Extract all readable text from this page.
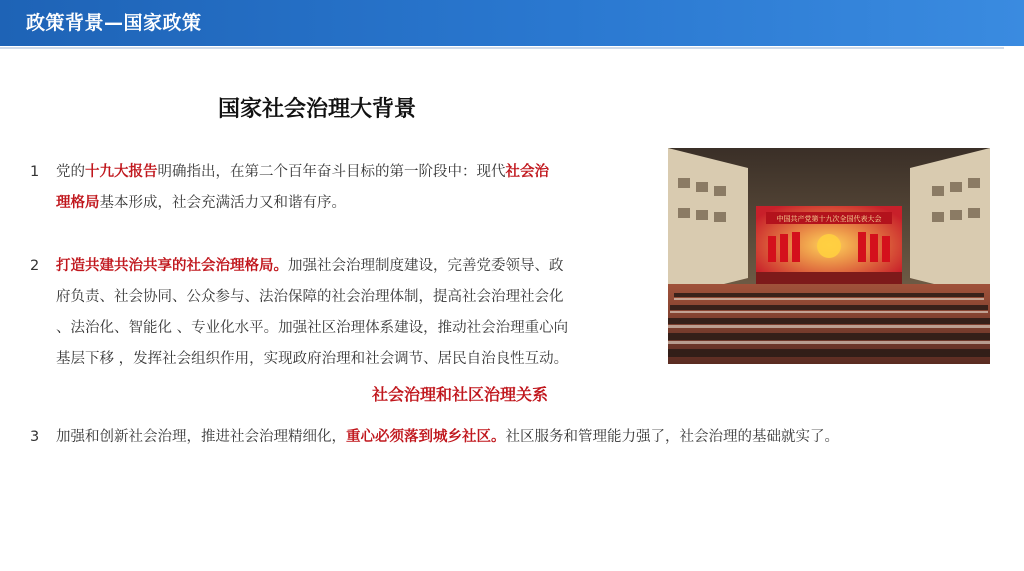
政策背景—国家政策
国家社会治理大背景
1 党的十九大报告明确指出，在第二个百年奋斗目标的第一阶段中：现代社会治
理格局基本形成，社会充满活力又和谐有序。
2 打造共建共治共享的社会治理格局。加强社会治理制度建设，完善党委领导、政
府负责、社会协同、公众参与、法治保障的社会治理体制，提高社会治理社会化
、法治化、智能化 、专业化水平。加强社区治理体系建设，推动社会治理重心向
基层下移 ，发挥社会组织作用，实现政府治理和社会调节、居民自治良性互动。
社会治理和社区治理关系
3 加强和创新社会治理，推进社会治理精细化，重心必须落到城乡社区。社区服务和管理能力强了，社会治理的基础就实了。
中国共产党第十九次全国代表大会
